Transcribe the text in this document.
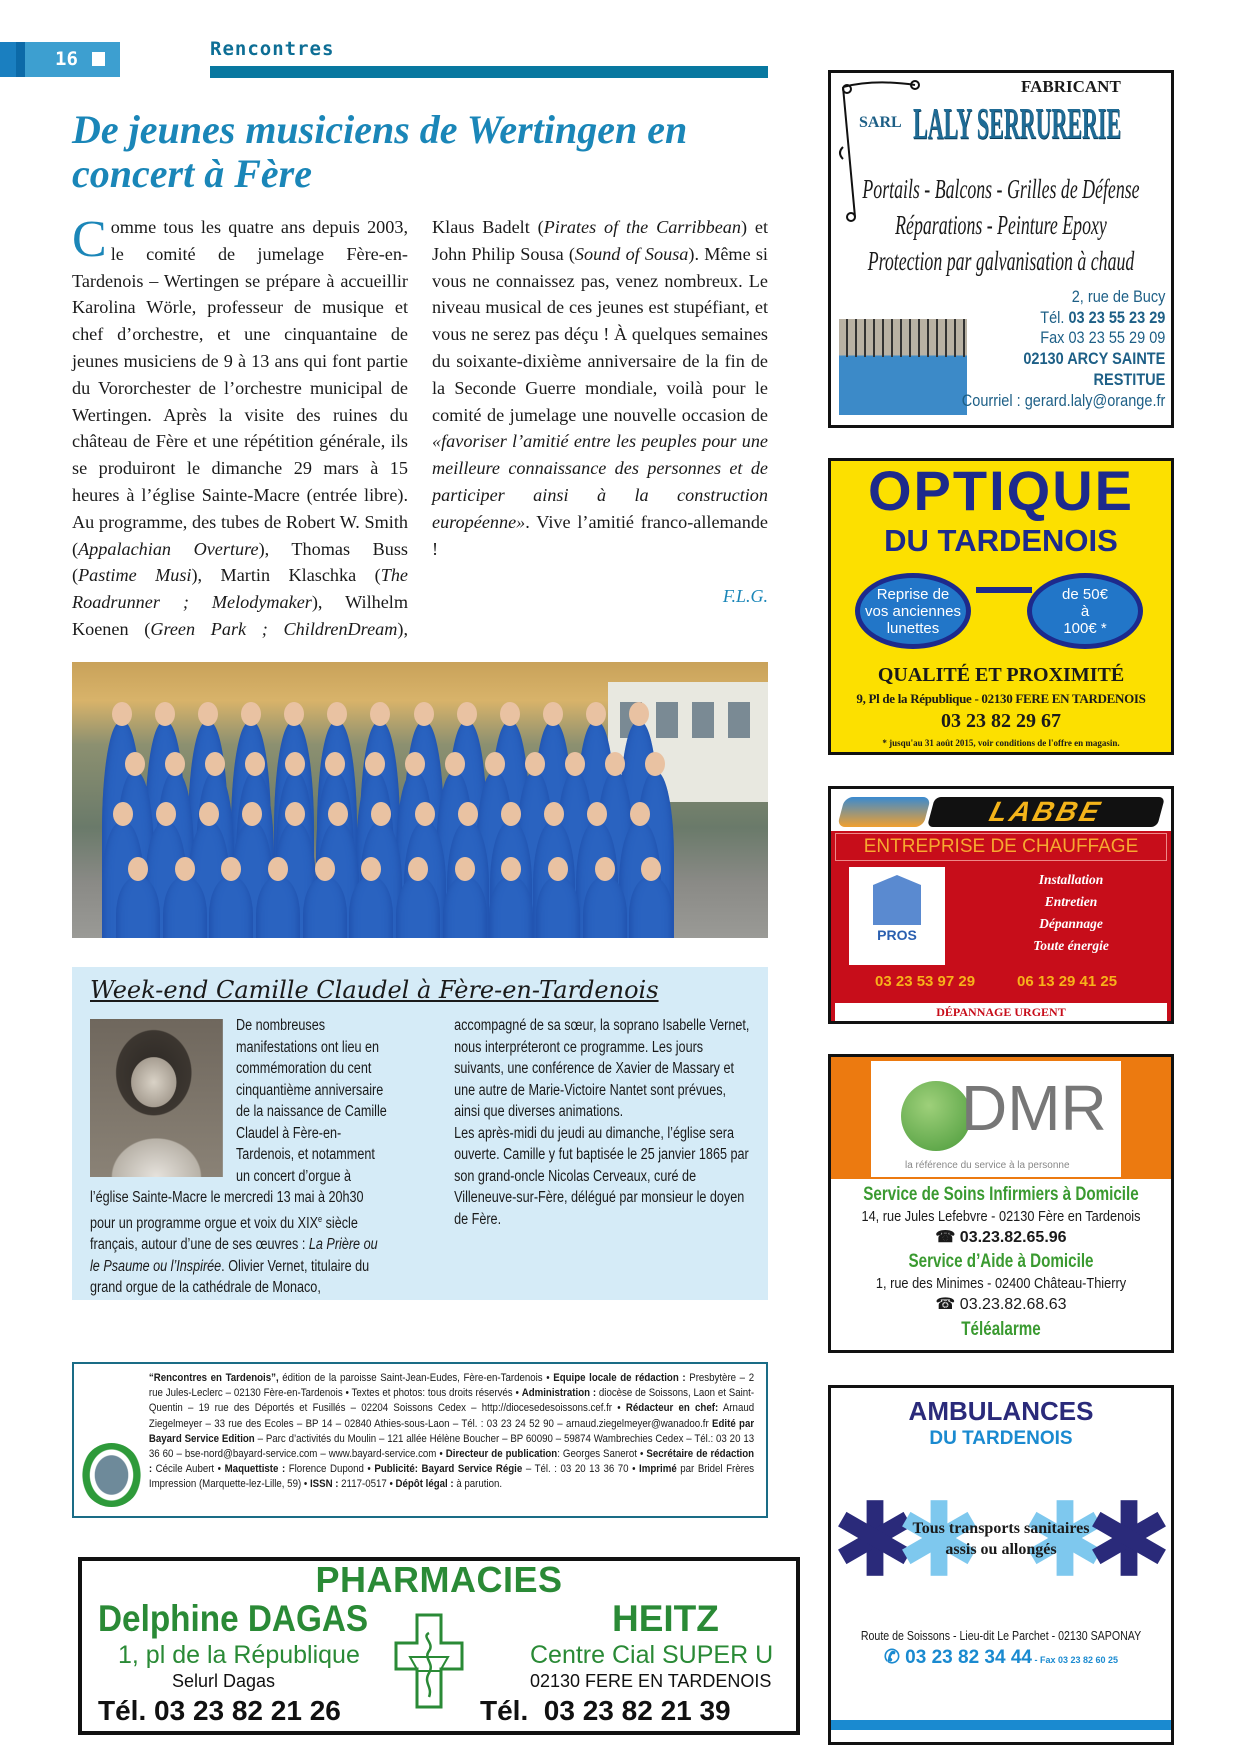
16	Rencontres
De jeunes musiciens de Wertingen en concert à Fère
Comme tous les quatre ans depuis 2003, le comité de jumelage Fère-en-Tardenois – Wertingen se prépare à accueillir Karolina Wörle, professeur de musique et chef d’orchestre, et une cinquantaine de jeunes musiciens de 9 à 13 ans qui font partie du Vororchester de l’orchestre municipal de Wertingen. Après la visite des ruines du château de Fère et une répétition générale, ils se produiront le dimanche 29 mars à 15 heures à l’église Sainte-Macre (entrée libre). Au programme, des tubes de Robert W. Smith (Appalachian Overture), Thomas Buss (Pastime Musi), Martin Klaschka (The Roadrunner ; Melodymaker), Wilhelm Koenen (Green Park ; ChildrenDream), Klaus Badelt (Pirates of the Carribbean) et John Philip Sousa (Sound of Sousa). Même si vous ne connaissez pas, venez nombreux. Le niveau musical de ces jeunes est stupéfiant, et vous ne serez pas déçu ! À quelques semaines du soixante-dixième anniversaire de la fin de la Seconde Guerre mondiale, voilà pour le comité de jumelage une nouvelle occasion de «favoriser l’amitié entre les peuples pour une meilleure connaissance des personnes et de participer ainsi à la construction européenne». Vive l’amitié franco-allemande !
F.L.G.
Week-end Camille Claudel à Fère-en-Tardenois
De nombreuses manifestations ont lieu en commémoration du cent cinquantième anniversaire de la naissance de Camille Claudel à Fère-en-Tardenois, et notamment un concert d’orgue à l’église Sainte-Macre le mercredi 13 mai à 20h30 pour un programme orgue et voix du XIXe siècle français, autour d’une de ses œuvres : La Prière ou le Psaume ou l’Inspirée. Olivier Vernet, titulaire du grand orgue de la cathédrale de Monaco, accompagné de sa sœur, la soprano Isabelle Vernet, nous interpréteront ce programme. Les jours suivants, une conférence de Xavier de Massary et une autre de Marie-Victoire Nantet sont prévues, ainsi que diverses animations.
Les après-midi du jeudi au dimanche, l’église sera ouverte. Camille y fut baptisée le 25 janvier 1865 par son grand-oncle Nicolas Cerveaux, curé de Villeneuve-sur-Fère, délégué par monsieur le doyen de Fère.
“Rencontres en Tardenois”, édition de la paroisse Saint-Jean-Eudes, Fère-en-Tardenois • Equipe locale de rédaction : Presbytère – 2 rue Jules-Leclerc – 02130 Fère-en-Tardenois • Textes et photos: tous droits réservés • Administration : diocèse de Soissons, Laon et Saint-Quentin – 19 rue des Déportés et Fusillés – 02204 Soissons Cedex – http://diocesedesoissons.cef.fr • Rédacteur en chef: Arnaud Ziegelmeyer – 33 rue des Ecoles – BP 14 – 02840 Athies-sous-Laon – Tél. : 03 23 24 52 90 – arnaud.ziegelmeyer@wanadoo.fr Edité par Bayard Service Edition – Parc d’activités du Moulin – 121 allée Hélène Boucher – BP 60090 – 59874 Wambrechies Cedex – Tél.: 03 20 13 36 60 – bse-nord@bayard-service.com – www.bayard-service.com • Directeur de publication: Georges Sanerot • Secrétaire de rédaction : Cécile Aubert • Maquettiste : Florence Dupond • Publicité: Bayard Service Régie – Tél. : 03 20 13 36 70 • Imprimé par Bridel Frères Impression (Marquette-lez-Lille, 59) • ISSN : 2117-0517 • Dépôt légal : à parution.
PHARMACIES
Delphine DAGAS
1, pl de la République
Selurl Dagas
Tél. 03 23 82 21 26
HEITZ
Centre Cial SUPER U
02130 FERE EN TARDENOIS
Tél.  03 23 82 21 39
FABRICANT
SARL LALY SERRURERIE
Portails - Balcons - Grilles de Défense
Réparations - Peinture Epoxy
Protection par galvanisation à chaud
2, rue de Bucy
Tél. 03 23 55 23 29
Fax 03 23 55 29 09
02130 ARCY SAINTE
RESTITUE
Courriel : gerard.laly@orange.fr
OPTIQUE
DU TARDENOIS
Reprise de
vos anciennes
lunettes
de 50€
à
100€ *
QUALITÉ ET PROXIMITÉ
9, Pl de la République - 02130 FERE EN TARDENOIS
03 23 82 29 67
* jusqu'au 31 août 2015, voir conditions de l'offre en magasin.
LABBE
ENTREPRISE DE CHAUFFAGE
PROS
Installation
Entretien
Dépannage
Toute énergie
03 23 53 97 29	06 13 29 41 25
DÉPANNAGE URGENT
DMR
la référence du service à la personne
Service de Soins Infirmiers à Domicile
14, rue Jules Lefebvre - 02130 Fère en Tardenois
☎ 03.23.82.65.96
Service d’Aide à Domicile
1, rue des Minimes - 02400 Château-Thierry
☎ 03.23.82.68.63
Téléalarme
AMBULANCES
DU TARDENOIS
Tous transports sanitaires
assis ou allongés
Route de Soissons - Lieu-dit Le Parchet - 02130 SAPONAY
✆ 03 23 82 34 44 - Fax 03 23 82 60 25
